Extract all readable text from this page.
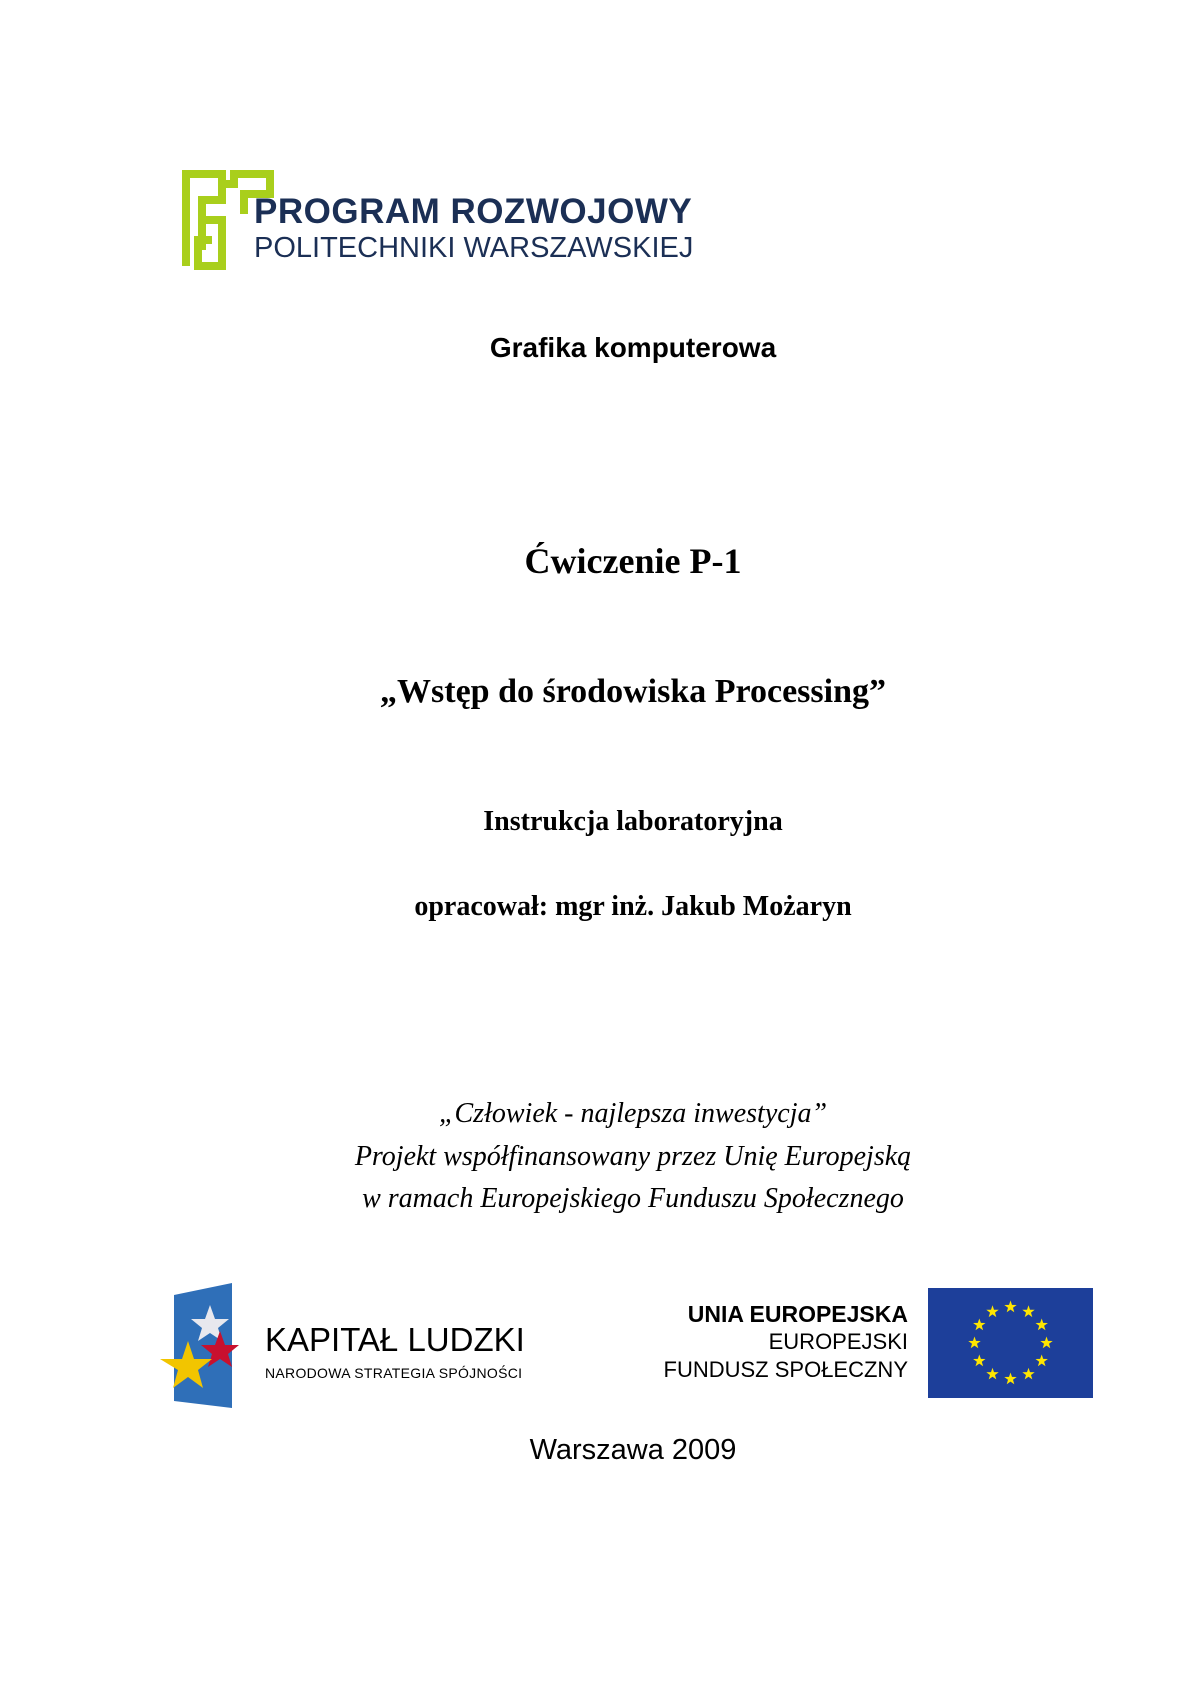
PROGRAM ROZWOJOWY
POLITECHNIKI WARSZAWSKIEJ
Grafika komputerowa
Ćwiczenie P-1
„Wstęp do środowiska Processing”
Instrukcja laboratoryjna
opracował: mgr inż. Jakub Możaryn
„Człowiek - najlepsza inwestycja”
Projekt współfinansowany przez Unię Europejską
w ramach Europejskiego Funduszu Społecznego
KAPITAŁ LUDZKI
NARODOWA STRATEGIA SPÓJNOŚCI
UNIA EUROPEJSKA
EUROPEJSKI
FUNDUSZ SPOŁECZNY
Warszawa 2009
